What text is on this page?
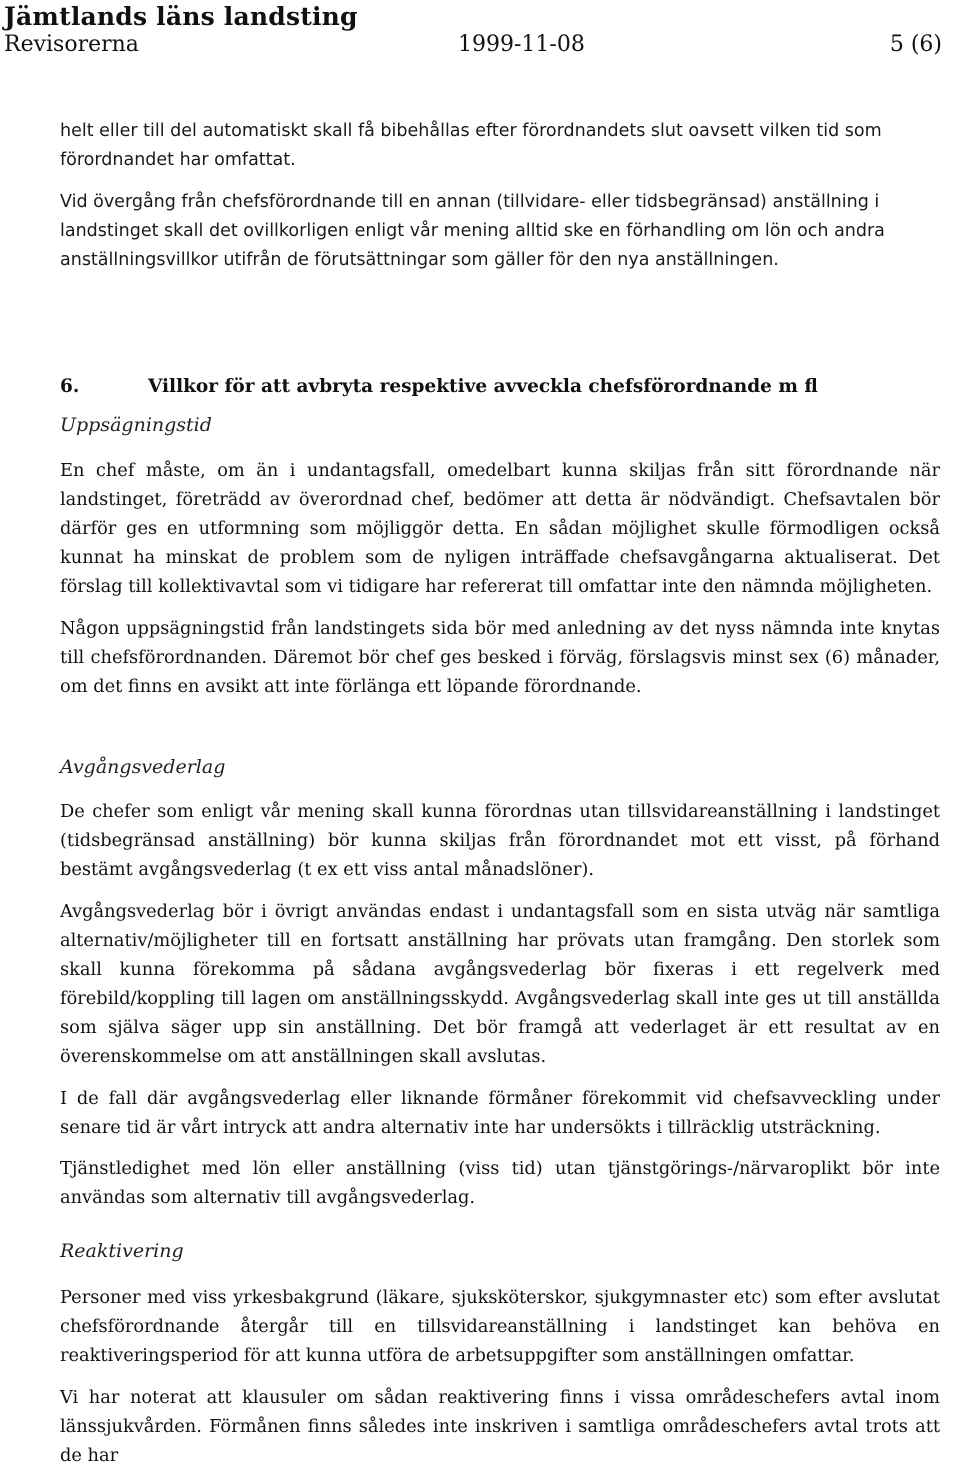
Jämtlands läns landsting
Revisorerna	1999-11-08	5 (6)

helt eller till del automatiskt skall få bibehållas efter förordnandets slut oavsett vilken tid som förordnandet har omfattat.

Vid övergång från chefsförordnande till en annan (tillvidare- eller tidsbegränsad) anställning i landstinget skall det ovillkorligen enligt vår mening alltid ske en förhandling om lön och andra anställningsvillkor utifrån de förutsättningar som gäller för den nya anställningen.

6.	Villkor för att avbryta respektive avveckla chefsförordnande m fl
Uppsägningstid

En chef måste, om än i undantagsfall, omedelbart kunna skiljas från sitt förordnande när landstinget, företrädd av överordnad chef, bedömer att detta är nödvändigt. Chefsavtalen bör därför ges en utformning som möjliggör detta. En sådan möjlighet skulle förmodligen också kunnat ha minskat de problem som de nyligen inträffade chefsavgångarna aktualiserat. Det förslag till kollektivavtal som vi tidigare har refererat till omfattar inte den nämnda möjligheten.

Någon uppsägningstid från landstingets sida bör med anledning av det nyss nämnda inte knytas till chefsförordnanden. Däremot bör chef ges besked i förväg, förslagsvis minst sex (6) månader, om det finns en avsikt att inte förlänga ett löpande förordnande.

Avgångsvederlag

De chefer som enligt vår mening skall kunna förordnas utan tillsvidareanställning i landstinget (tidsbegränsad anställning) bör kunna skiljas från förordnandet mot ett visst, på förhand bestämt avgångsvederlag (t ex ett viss antal månadslöner).

Avgångsvederlag bör i övrigt användas endast i undantagsfall som en sista utväg när samtliga alternativ/möjligheter till en fortsatt anställning har prövats utan framgång. Den storlek som skall kunna förekomma på sådana avgångsvederlag bör fixeras i ett regelverk med förebild/koppling till lagen om anställningsskydd. Avgångsvederlag skall inte ges ut till anställda som själva säger upp sin anställning. Det bör framgå att vederlaget är ett resultat av en överenskommelse om att anställningen skall avslutas.

I de fall där avgångsvederlag eller liknande förmåner förekommit vid chefsavveckling under senare tid är vårt intryck att andra alternativ inte har undersökts i tillräcklig utsträckning.

Tjänstledighet med lön eller anställning (viss tid) utan tjänstgörings-/närvaroplikt bör inte användas som alternativ till avgångsvederlag.

Reaktivering

Personer med viss yrkesbakgrund (läkare, sjuksköterskor, sjukgymnaster etc) som efter avslutat chefsförordnande återgår till en tillsvidareanställning i landstinget kan behöva en reaktiveringsperiod för att kunna utföra de arbetsuppgifter som anställningen omfattar.

Vi har noterat att klausuler om sådan reaktivering finns i vissa områdeschefers avtal inom länssjukvården. Förmånen finns således inte inskriven i samtliga områdeschefers avtal trots att de har
